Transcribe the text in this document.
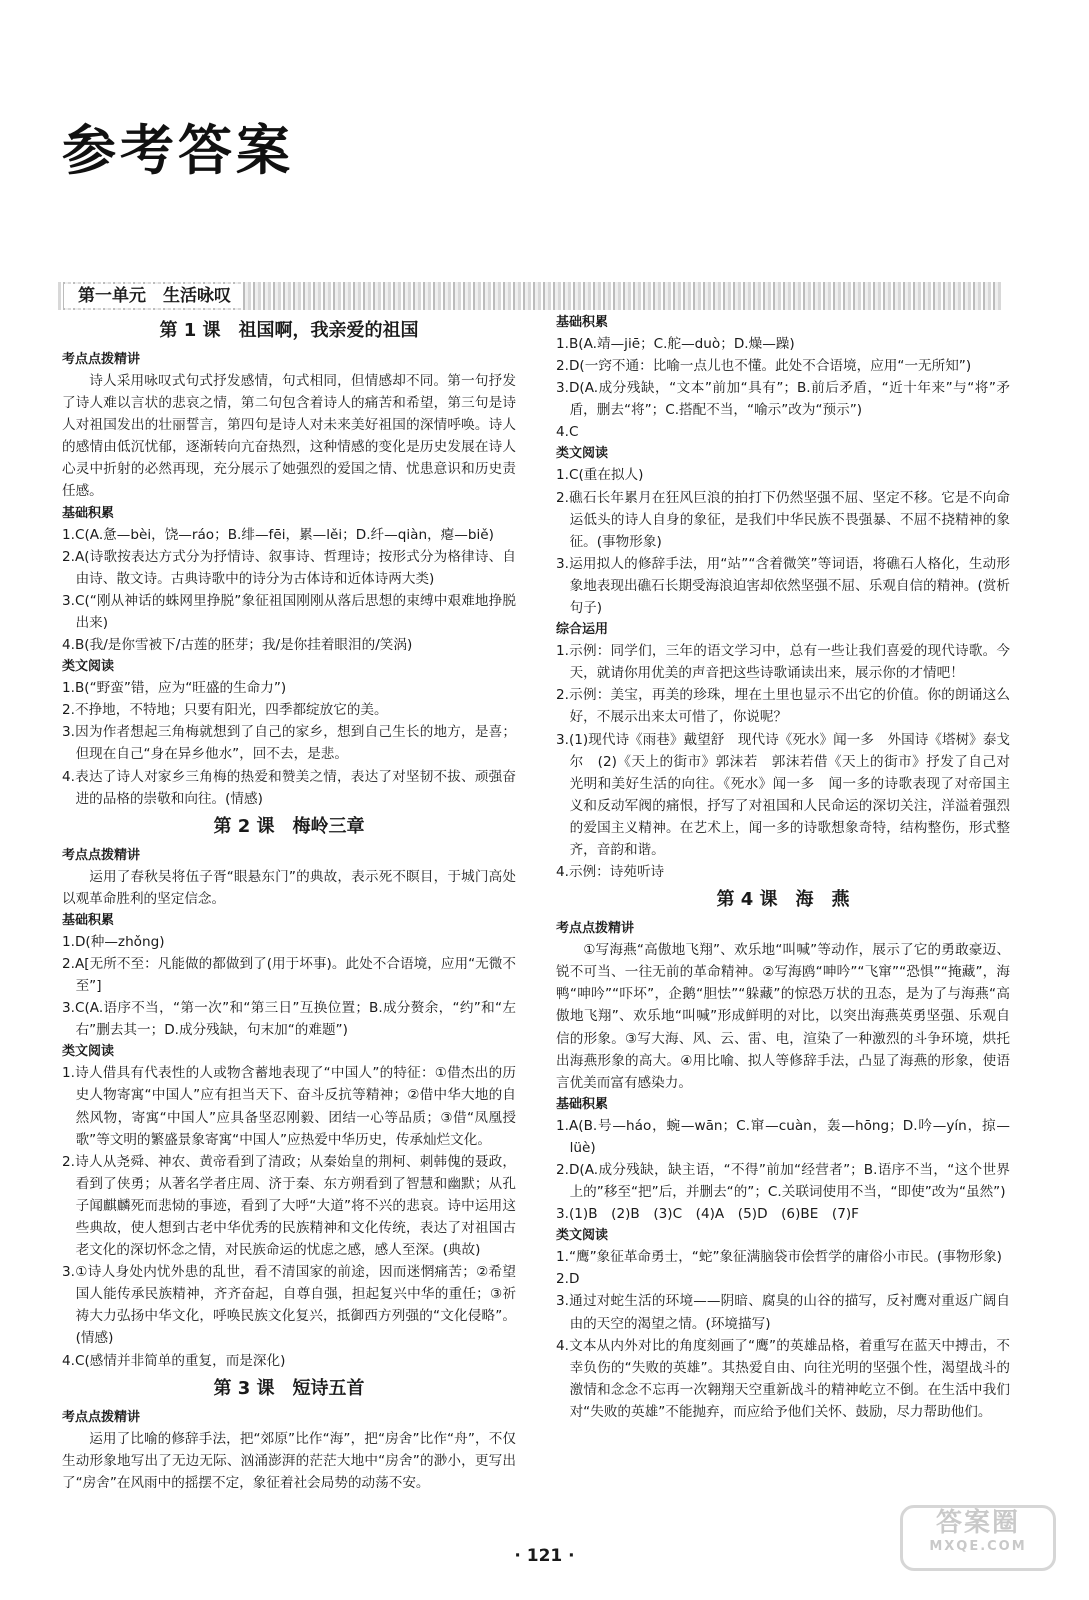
参考答案
第一单元　生活咏叹
第 1 课　祖国啊，我亲爱的祖国
考点点拨精讲
诗人采用咏叹式句式抒发感情，句式相同，但情感却不同。第一句抒发了诗人难以言状的悲哀之情，第二句包含着诗人的痛苦和希望，第三句是诗人对祖国发出的壮丽誓言，第四句是诗人对未来美好祖国的深情呼唤。诗人的感情由低沉忧郁，逐渐转向亢奋热烈，这种情感的变化是历史发展在诗人心灵中折射的必然再现，充分展示了她强烈的爱国之情、忧患意识和历史责任感。
基础积累
1.C(A.惫—bèi，饶—ráo；B.绯—fēi，累—lěi；D.纤—qiàn，瘪—biě)
2.A(诗歌按表达方式分为抒情诗、叙事诗、哲理诗；按形式分为格律诗、自由诗、散文诗。古典诗歌中的诗分为古体诗和近体诗两大类)
3.C(“刚从神话的蛛网里挣脱”象征祖国刚刚从落后思想的束缚中艰难地挣脱出来)
4.B(我/是你雪被下/古莲的胚芽；我/是你挂着眼泪的/笑涡)
类文阅读
1.B(“野蛮”错，应为“旺盛的生命力”)
2.不挣地，不特地；只要有阳光，四季都绽放它的美。
3.因为作者想起三角梅就想到了自己的家乡，想到自己生长的地方，是喜；但现在自己“身在异乡他水”，回不去，是悲。
4.表达了诗人对家乡三角梅的热爱和赞美之情，表达了对坚韧不拔、顽强奋进的品格的崇敬和向往。(情感)
第 2 课　梅岭三章
考点点拨精讲
运用了春秋吴将伍子胥“眼悬东门”的典故，表示死不瞑目，于城门高处以观革命胜利的坚定信念。
基础积累
1.D(种—zhǒng)
2.A[无所不至：凡能做的都做到了(用于坏事)。此处不合语境，应用“无微不至”]
3.C(A.语序不当，“第一次”和“第三日”互换位置；B.成分赘余，“约”和“左右”删去其一；D.成分残缺，句末加“的难题”)
类文阅读
1.诗人借具有代表性的人或物含蓄地表现了“中国人”的特征：①借杰出的历史人物寄寓“中国人”应有担当天下、奋斗反抗等精神；②借中华大地的自然风物，寄寓“中国人”应具备坚忍刚毅、团结一心等品质；③借“凤凰授歌”等文明的繁盛景象寄寓“中国人”应热爱中华历史，传承灿烂文化。
2.诗人从尧舜、神农、黄帝看到了清政；从秦始皇的荆柯、刺韩傀的聂政，看到了侠勇；从著名学者庄周、济于秦、东方朔看到了智慧和幽默；从孔子闻麒麟死而悲恸的事迹，看到了大呼“大道”将不兴的悲哀。诗中运用这些典故，使人想到古老中华优秀的民族精神和文化传统，表达了对祖国古老文化的深切怀念之情，对民族命运的忧虑之感，感人至深。(典故)
3.①诗人身处内忧外患的乱世，看不清国家的前途，因而迷惘痛苦；②希望国人能传承民族精神，齐齐奋起，自尊自强，担起复兴中华的重任；③祈祷大力弘扬中华文化，呼唤民族文化复兴，抵御西方列强的“文化侵略”。(情感)
4.C(感情并非简单的重复，而是深化)
第 3 课　短诗五首
考点点拨精讲
运用了比喻的修辞手法，把“郊原”比作“海”，把“房舍”比作“舟”，不仅生动形象地写出了无边无际、汹涌澎湃的茫茫大地中“房舍”的渺小，更写出了“房舍”在风雨中的摇摆不定，象征着社会局势的动荡不安。
基础积累
1.B(A.靖—jiē；C.舵—duò；D.燥—躁)
2.D(一窍不通：比喻一点儿也不懂。此处不合语境，应用“一无所知”)
3.D(A.成分残缺，“文本”前加“具有”；B.前后矛盾，“近十年来”与“将”矛盾，删去“将”；C.搭配不当，“喻示”改为“预示”)
4.C
类文阅读
1.C(重在拟人)
2.礁石长年累月在狂风巨浪的拍打下仍然坚强不屈、坚定不移。它是不向命运低头的诗人自身的象征，是我们中华民族不畏强暴、不屈不挠精神的象征。(事物形象)
3.运用拟人的修辞手法，用“站”“含着微笑”等词语，将礁石人格化，生动形象地表现出礁石长期受海浪迫害却依然坚强不屈、乐观自信的精神。(赏析句子)
综合运用
1.示例：同学们，三年的语文学习中，总有一些让我们喜爱的现代诗歌。今天，就请你用优美的声音把这些诗歌诵读出来，展示你的才情吧！
2.示例：美宝，再美的珍珠，埋在土里也显示不出它的价值。你的朗诵这么好，不展示出来太可惜了，你说呢？
3.(1)现代诗《雨巷》戴望舒　现代诗《死水》闻一多　外国诗《塔树》泰戈尔　(2)《天上的街市》郭沫若　郭沫若借《天上的街市》抒发了自己对光明和美好生活的向往。《死水》闻一多　闻一多的诗歌表现了对帝国主义和反动军阀的痛恨，抒写了对祖国和人民命运的深切关注，洋溢着强烈的爱国主义精神。在艺术上，闻一多的诗歌想象奇特，结构整伤，形式整齐，音韵和谐。
4.示例：诗苑听诗
第 4 课　海　燕
考点点拨精讲
①写海燕“高傲地飞翔”、欢乐地“叫喊”等动作，展示了它的勇敢豪迈、锐不可当、一往无前的革命精神。②写海鸥“呻吟”“飞窜”“恐惧”“掩藏”，海鸭“呻吟”“吓坏”，企鹅“胆怯”“躲藏”的惊恐万状的丑态，是为了与海燕“高傲地飞翔”、欢乐地“叫喊”形成鲜明的对比，以突出海燕英勇坚强、乐观自信的形象。③写大海、风、云、雷、电，渲染了一种激烈的斗争环境，烘托出海燕形象的高大。④用比喻、拟人等修辞手法，凸显了海燕的形象，使语言优美而富有感染力。
基础积累
1.A(B.号—háo，蜿—wān；C.窜—cuàn，轰—hōng；D.吟—yín，掠—lüè)
2.D(A.成分残缺，缺主语，“不得”前加“经营者”；B.语序不当，“这个世界上的”移至“把”后，并删去“的”；C.关联词使用不当，“即使”改为“虽然”)
3.(1)B　(2)B　(3)C　(4)A　(5)D　(6)BE　(7)F
类文阅读
1.“鹰”象征革命勇士，“蛇”象征满脑袋市侩哲学的庸俗小市民。(事物形象)
2.D
3.通过对蛇生活的环境——阴暗、腐臭的山谷的描写，反衬鹰对重返广阔自由的天空的渴望之情。(环境描写)
4.文本从内外对比的角度刻画了“鹰”的英雄品格，着重写在蓝天中搏击，不幸负伤的“失败的英雄”。其热爱自由、向往光明的坚强个性，渴望战斗的激情和念念不忘再一次翱翔天空重新战斗的精神屹立不倒。在生活中我们对“失败的英雄”不能抛弃，而应给予他们关怀、鼓励，尽力帮助他们。
· 121 ·
答案圈
MXQE.COM
